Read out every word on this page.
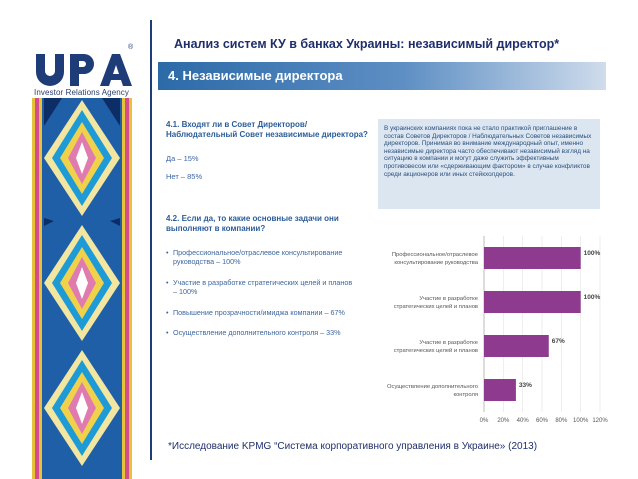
®
Investor Relations Agency
Анализ систем КУ в банках Украины: независимый директор*
4. Независимые директора
4.1. Входят ли в Совет Директоров/Наблюдательный Совет независимые директора?
Да – 15%
Нет – 85%
В украинских компаниях пока не стало практикой приглашение в состав Советов Директоров / Наблюдательных Советов независимых директоров. Принимая во внимание международный опыт, именно независимые директора часто обеспечивают независимый взгляд на ситуацию в компании и могут даже служить эффективным противовесом или «сдерживающим фактором» в случае конфликтов среди акционеров или иных стейкхолдеров.
4.2. Если да, то какие основные задачи они выполняют в компании?
• Профессиональное/отраслевое консультирование руководства – 100%
• Участие в разработке стратегических целей и планов – 100%
• Повышение прозрачности/имиджа компании – 67%
• Осуществление дополнительного контроля – 33%
0% 20% 40% 60% 80% 100% 120%
100%
Профессиональное/отраслевое консультирование руководства
100%
Участие в разработке стратегических целей и планов
67%
Участие в разработке стратегических целей и планов
33%
Осуществление дополнительного контроля
*Исследование KPMG “Система корпоративного управления в Украине» (2013)
